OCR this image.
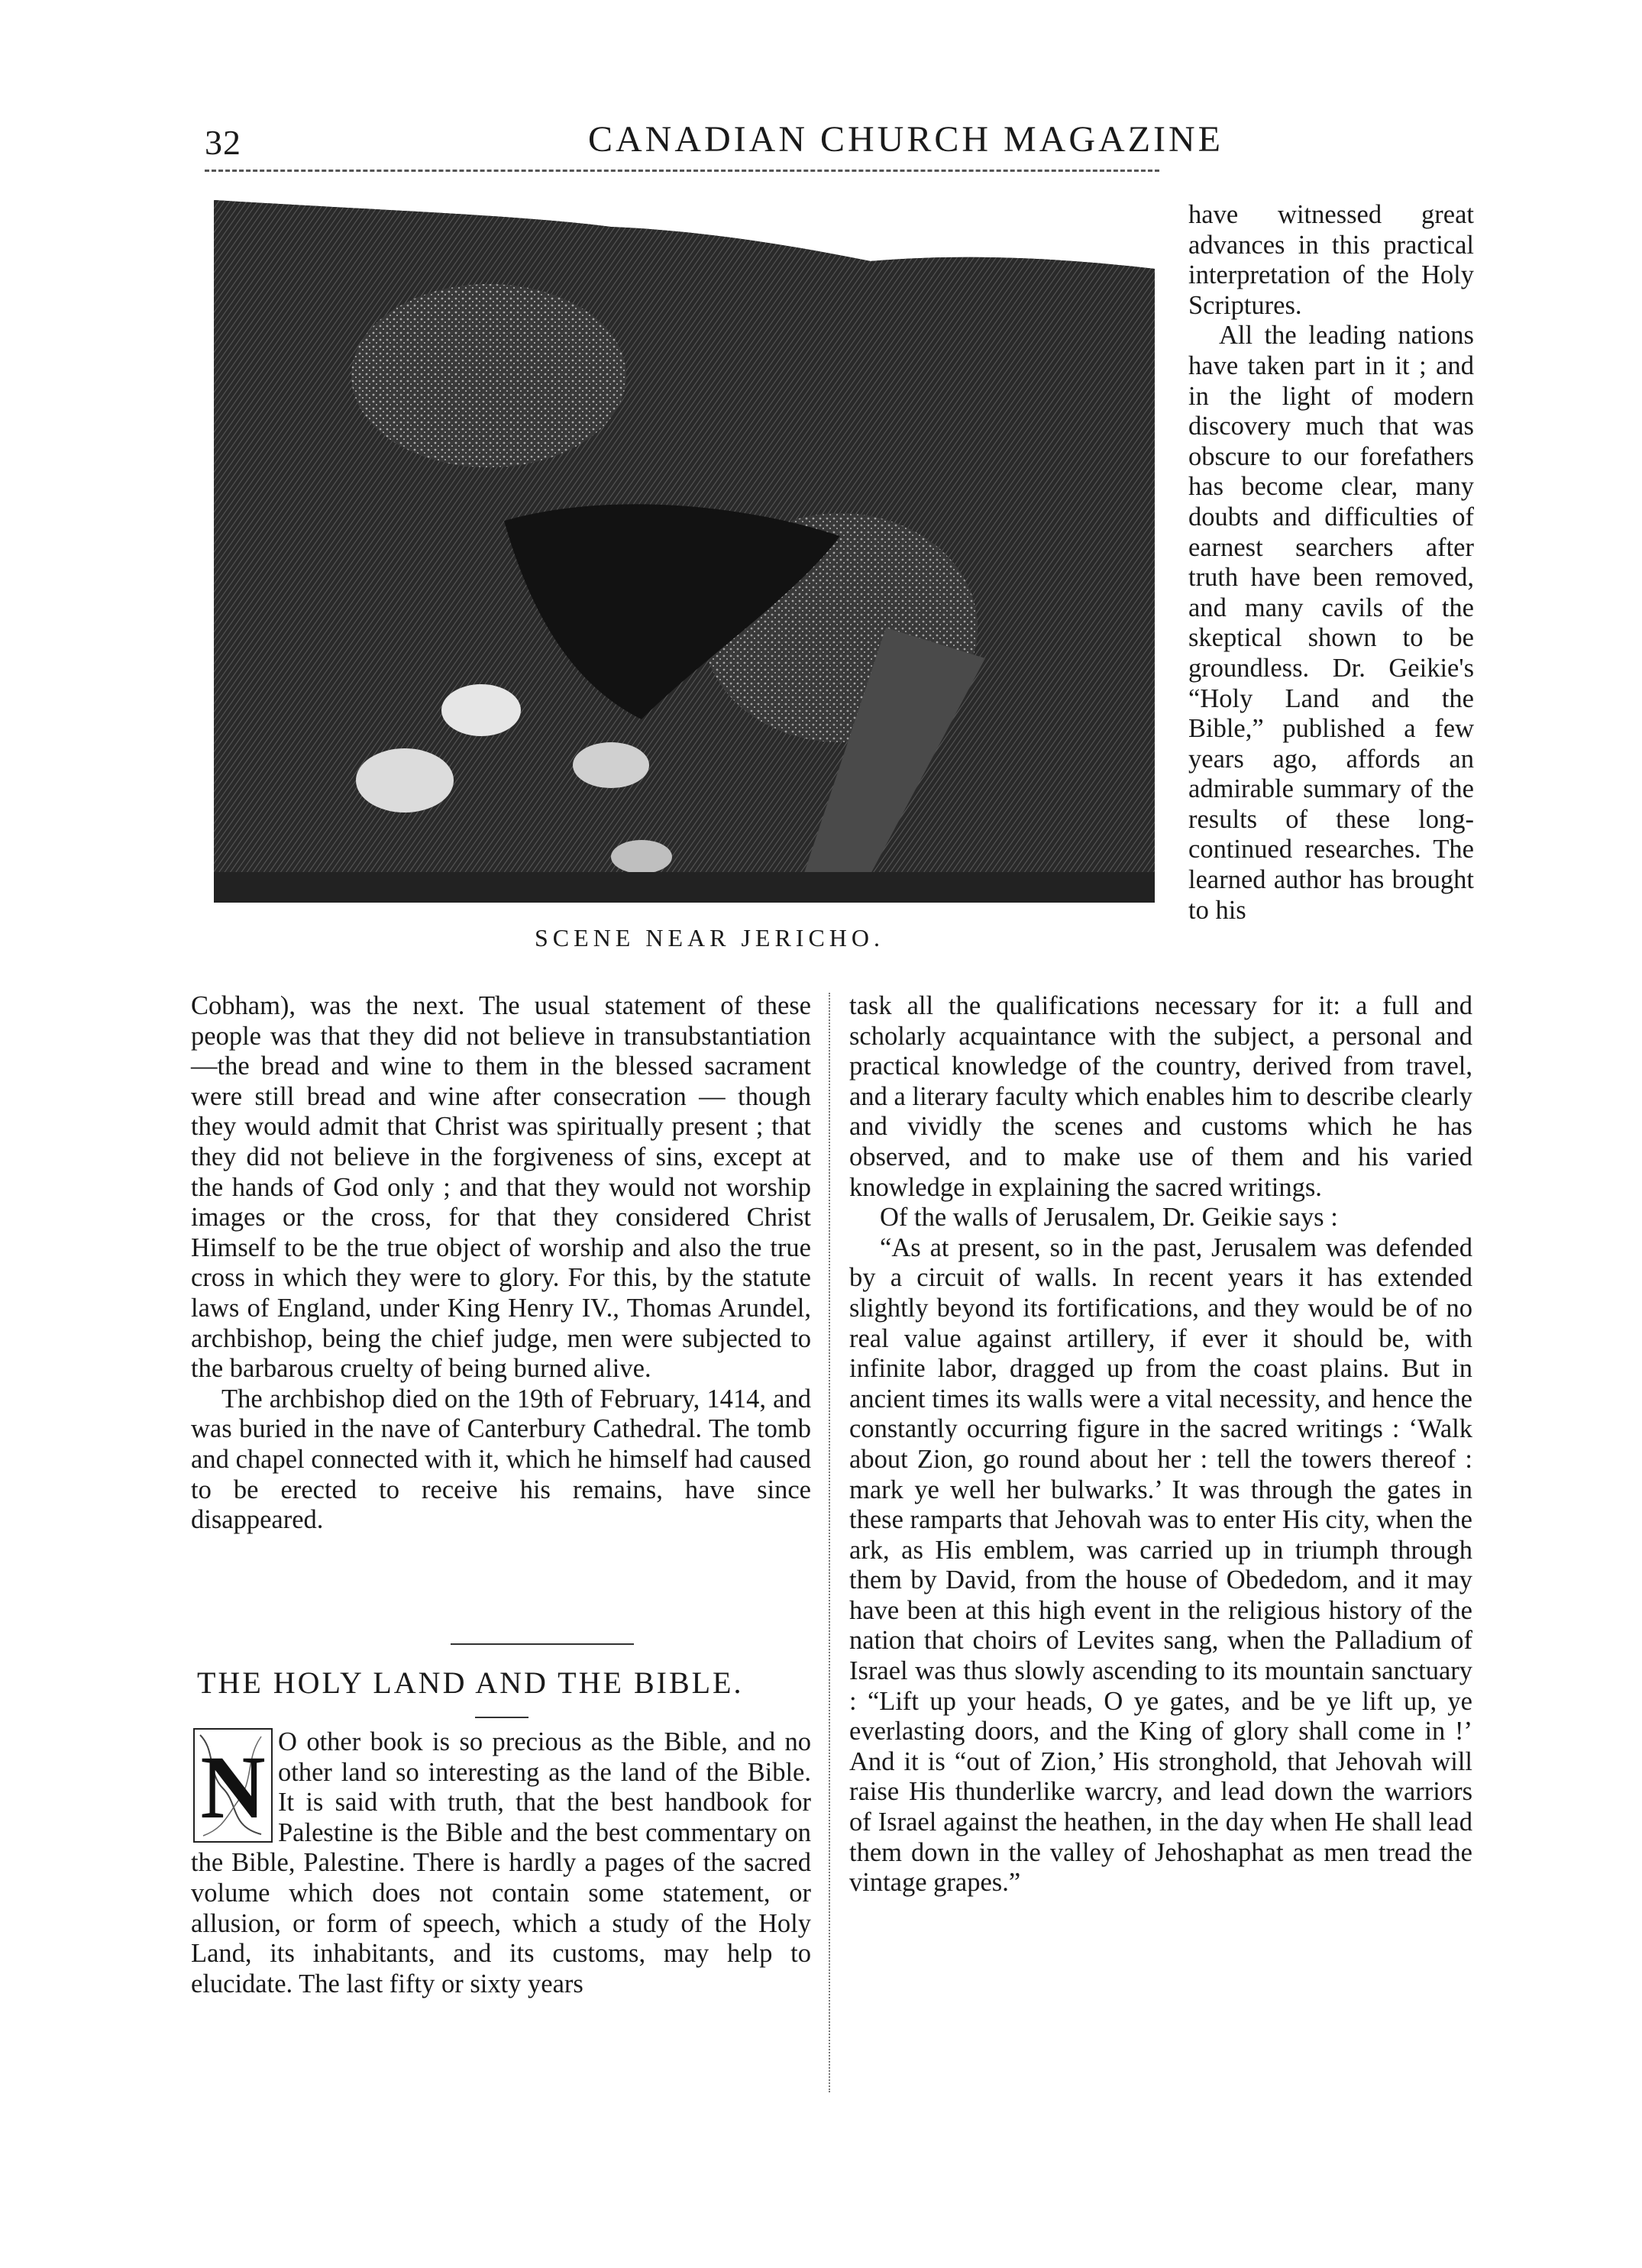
32	CANADIAN CHURCH MAGAZINE
SCENE NEAR JERICHO.

have witnessed great advances in this practical interpretation of the Holy Scriptures.

All the leading nations have taken part in it ; and in the light of modern discovery much that was obscure to our forefathers has become clear, many doubts and difficulties of earnest searchers after truth have been removed, and many cavils of the skeptical shown to be groundless. Dr. Geikie's “Holy Land and the Bible,” published a few years ago, affords an admirable summary of the results of these long-continued researches. The learned author has brought to his

Cobham), was the next. The usual statement of these people was that they did not believe in transubstantiation —the bread and wine to them in the blessed sacrament were still bread and wine after consecration — though they would admit that Christ was spiritually present ; that they did not believe in the forgiveness of sins, except at the hands of God only ; and that they would not worship images or the cross, for that they considered Christ Himself to be the true object of worship and also the true cross in which they were to glory. For this, by the statute laws of England, under King Henry IV., Thomas Arundel, archbishop, being the chief judge, men were subjected to the barbarous cruelty of being burned alive.

The archbishop died on the 19th of February, 1414, and was buried in the nave of Canterbury Cathedral. The tomb and chapel connected with it, which he himself had caused to be erected to receive his remains, have since disappeared.

THE HOLY LAND AND THE BIBLE.

O other book is so precious as the Bible, and no other land so interesting as the land of the Bible. It is said with truth, that the best handbook for Palestine is the Bible and the best commentary on the Bible, Palestine. There is hardly a pages of the sacred volume which does not contain some statement, or allusion, or form of speech, which a study of the Holy Land, its inhabitants, and its customs, may help to elucidate. The last fifty or sixty years

N

task all the qualifications necessary for it: a full and scholarly acquaintance with the subject, a personal and practical knowledge of the country, derived from travel, and a literary faculty which enables him to describe clearly and vividly the scenes and customs which he has observed, and to make use of them and his varied knowledge in explaining the sacred writings.

Of the walls of Jerusalem, Dr. Geikie says :

“As at present, so in the past, Jerusalem was defended by a circuit of walls. In recent years it has extended slightly beyond its fortifications, and they would be of no real value against artillery, if ever it should be, with infinite labor, dragged up from the coast plains. But in ancient times its walls were a vital necessity, and hence the constantly occurring figure in the sacred writings : ‘Walk about Zion, go round about her : tell the towers thereof : mark ye well her bulwarks.’ It was through the gates in these ramparts that Jehovah was to enter His city, when the ark, as His emblem, was carried up in triumph through them by David, from the house of Obededom, and it may have been at this high event in the religious history of the nation that choirs of Levites sang, when the Palladium of Israel was thus slowly ascending to its mountain sanctuary : “Lift up your heads, O ye gates, and be ye lift up, ye everlasting doors, and the King of glory shall come in !’ And it is “out of Zion,’ His stronghold, that Jehovah will raise His thunderlike warcry, and lead down the warriors of Israel against the heathen, in the day when He shall lead them down in the valley of Jehoshaphat as men tread the vintage grapes.”
